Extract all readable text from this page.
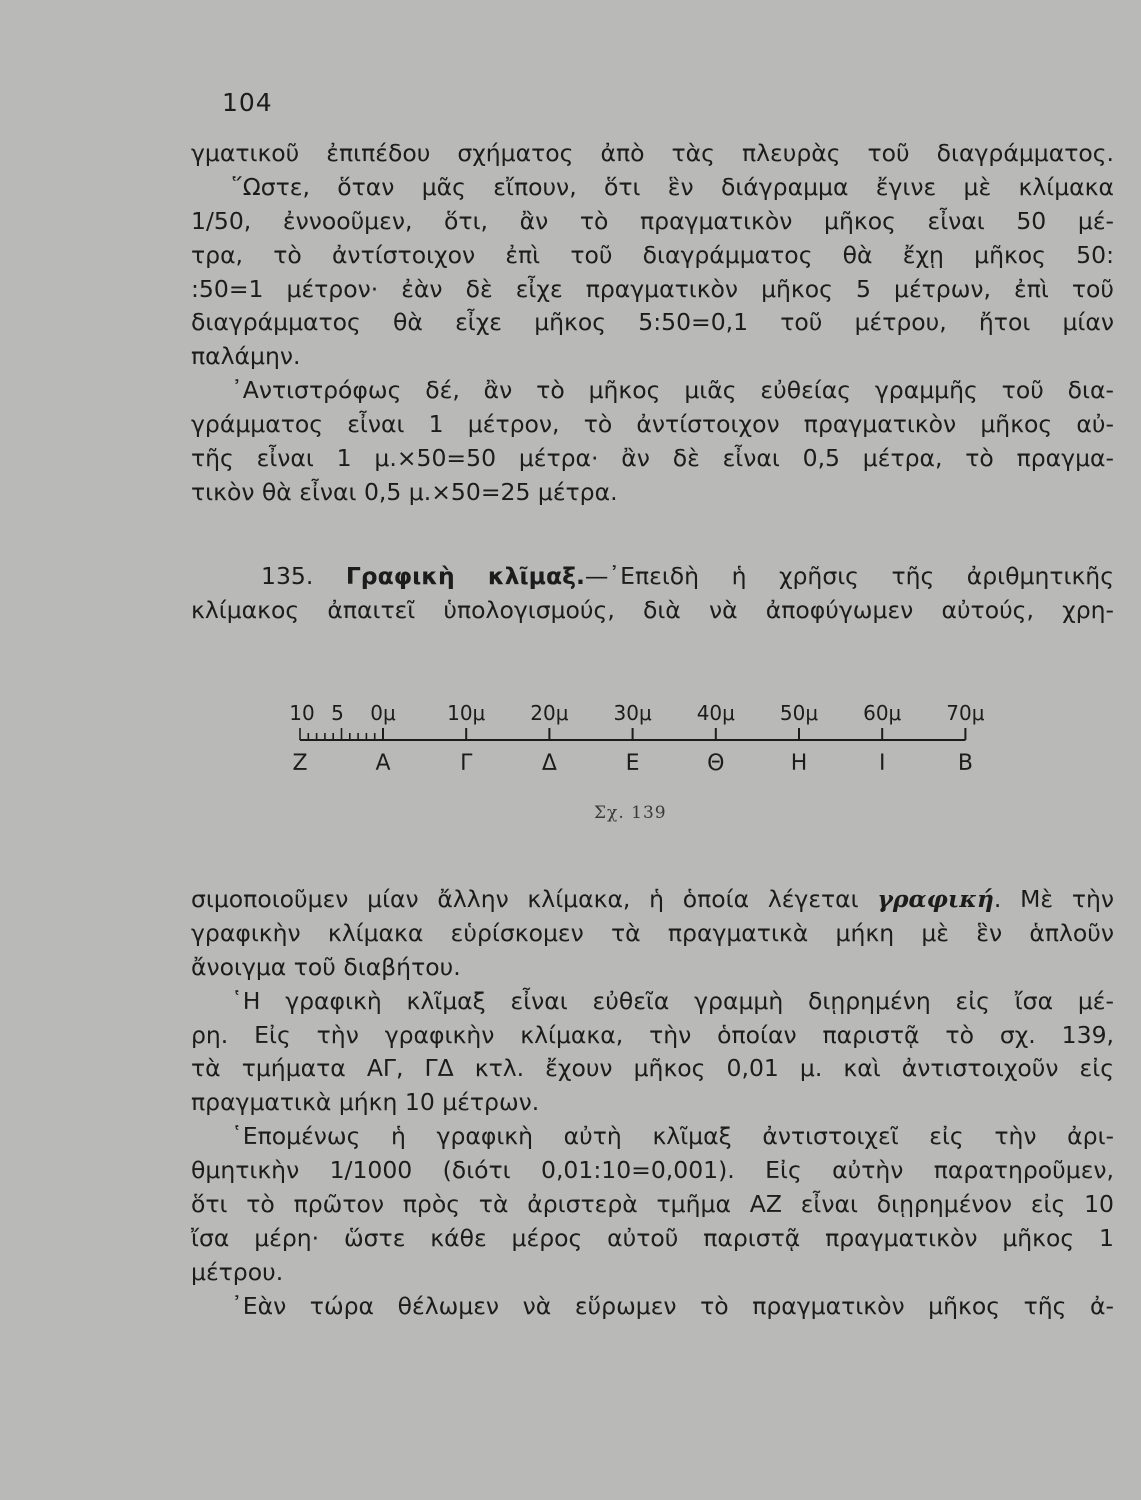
104
γματικοῦ ἐπιπέδου σχήματος ἀπὸ τὰς πλευρὰς τοῦ διαγράμματος.
῞Ωστε, ὅταν μᾶς εἴπουν, ὅτι ἓν διάγραμμα ἔγινε μὲ κλίμακα
1/50, ἐννοοῦμεν, ὅτι, ἂν τὸ πραγματικὸν μῆκος εἶναι 50 μέ-
τρα, τὸ ἀντίστοιχον ἐπὶ τοῦ διαγράμματος θὰ ἔχῃ μῆκος 50:
:50=1 μέτρον· ἐὰν δὲ εἶχε πραγματικὸν μῆκος 5 μέτρων, ἐπὶ τοῦ
διαγράμματος θὰ εἶχε μῆκος 5:50=0,1 τοῦ μέτρου, ἤτοι μίαν
παλάμην.
᾿Αντιστρόφως δέ, ἂν τὸ μῆκος μιᾶς εὐθείας γραμμῆς τοῦ δια-
γράμματος εἶναι 1 μέτρον, τὸ ἀντίστοιχον πραγματικὸν μῆκος αὐ-
τῆς εἶναι 1 μ.×50=50 μέτρα· ἂν δὲ εἶναι 0,5 μέτρα, τὸ πραγμα-
τικὸν θὰ εἶναι 0,5 μ.×50=25 μέτρα.
135. Γραφικὴ κλῖμαξ.—᾿Επειδὴ ἡ χρῆσις τῆς ἀριθμητικῆς
κλίμακος ἀπαιτεῖ ὑπολογισμούς, διὰ νὰ ἀποφύγωμεν αὐτούς, χρη-
10 5 0μ	10μ 20μ 30μ 40μ 50μ 60μ 70μ
Ζ	Α	Γ	Δ	Ε	Θ	Η	Ι	Β
Σχ. 139
σιμοποιοῦμεν μίαν ἄλλην κλίμακα, ἡ ὁποία λέγεται γραφική. Μὲ τὴν
γραφικὴν κλίμακα εὑρίσκομεν τὰ πραγματικὰ μήκη μὲ ἓν ἁπλοῦν
ἄνοιγμα τοῦ διαβήτου.
῾Η γραφικὴ κλῖμαξ εἶναι εὐθεῖα γραμμὴ διῃρημένη εἰς ἴσα μέ-
ρη. Εἰς τὴν γραφικὴν κλίμακα, τὴν ὁποίαν παριστᾷ τὸ σχ. 139,
τὰ τμήματα ΑΓ, ΓΔ κτλ. ἔχουν μῆκος 0,01 μ. καὶ ἀντιστοιχοῦν εἰς
πραγματικὰ μήκη 10 μέτρων.
῾Επομένως ἡ γραφικὴ αὐτὴ κλῖμαξ ἀντιστοιχεῖ εἰς τὴν ἀρι-
θμητικὴν 1/1000 (διότι 0,01:10=0,001). Εἰς αὐτὴν παρατηροῦμεν,
ὅτι τὸ πρῶτον πρὸς τὰ ἀριστερὰ τμῆμα ΑΖ εἶναι διῃρημένον εἰς 10
ἴσα μέρη· ὥστε κάθε μέρος αὐτοῦ παριστᾷ πραγματικὸν μῆκος 1
μέτρου.
᾿Εὰν τώρα θέλωμεν νὰ εὕρωμεν τὸ πραγματικὸν μῆκος τῆς ἀ-
